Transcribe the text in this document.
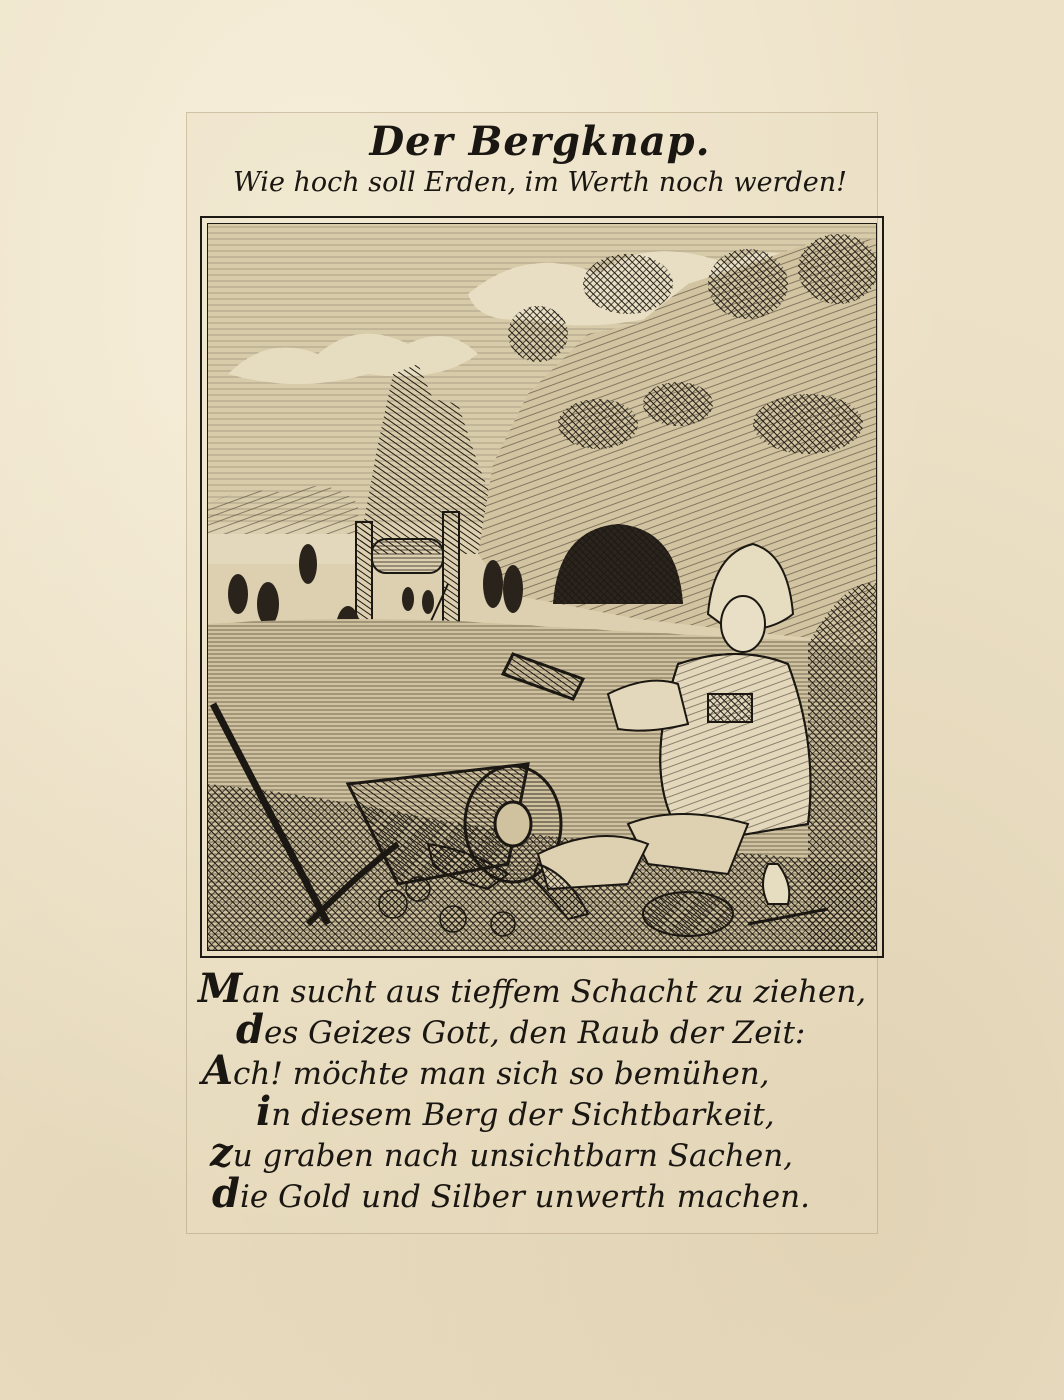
Der Bergknap.
Wie hoch soll Erden, im Werth noch werden!
Man sucht aus tieffem Schacht zu ziehen,
des Geizes Gott, den Raub der Zeit:
Ach! möchte man sich so bemühen,
in diesem Berg der Sichtbarkeit,
zu graben nach unsichtbarn Sachen,
die Gold und Silber unwerth machen.
